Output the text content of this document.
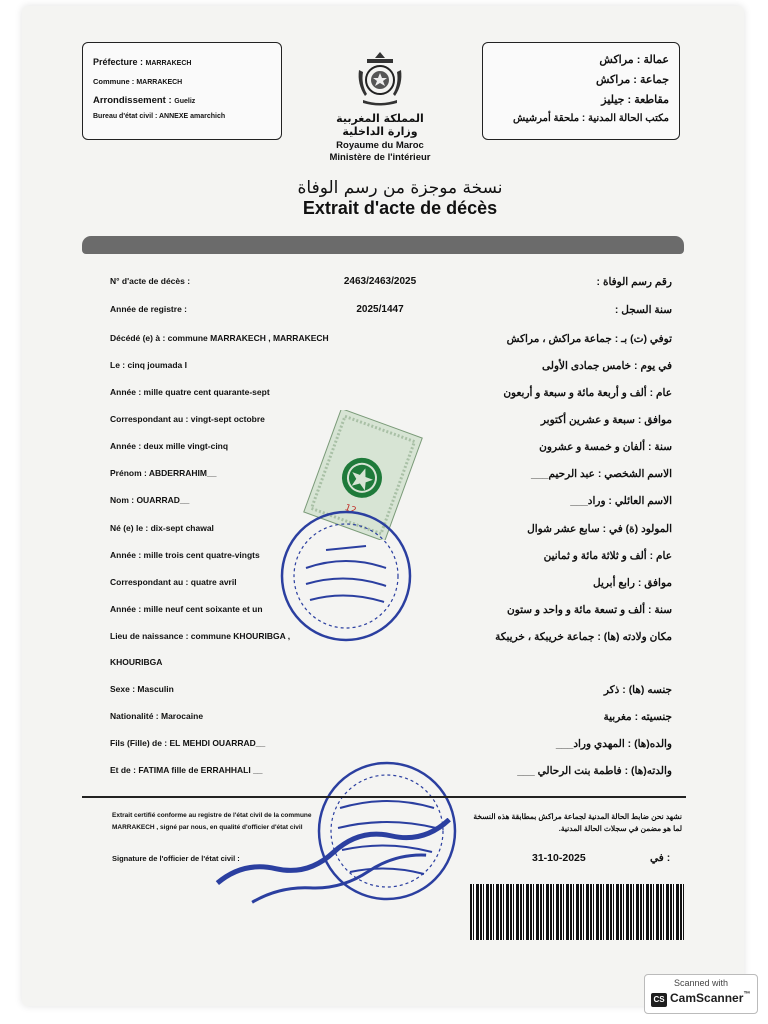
Préfecture : MARRAKECH
Commune : MARRAKECH
Arrondissement : Gueliz
Bureau d'état civil : ANNEXE amarchich
عمالة : مراكش
جماعة : مراكش
مقاطعة : جيليز
مكتب الحالة المدنية : ملحقة أمرشيش
المملكة المغربية
وزارة الداخلية
Royaume du Maroc
Ministère de l'intérieur
نسخة موجزة من رسم الوفاة
Extrait d'acte de décès
N° d'acte de décès :	2463/2463/2025	رقم رسم الوفاة :
Année de registre :	2025/1447	سنة السجل :
Décédé (e) à : commune MARRAKECH , MARRAKECH	توفي (ت) بـ : جماعة مراكش ، مراكش
Le : cinq joumada I	في يوم : خامس جمادى الأولى
Année : mille quatre cent quarante-sept	عام : ألف و أربعة مائة و سبعة و أربعون
Correspondant au : vingt-sept octobre	موافق : سبعة و عشرين أكتوبر
Année : deux mille vingt-cinq	سنة : ألفان و خمسة و عشرون
Prénom : ABDERRAHIM__	الاسم الشخصي : عبد الرحيم___
Nom : OUARRAD__	الاسم العائلي : وراد___
Né (e) le : dix-sept chawal	المولود (ة) في : سابع عشر شوال
Année : mille trois cent quatre-vingts	عام : ألف و ثلاثة مائة و ثمانين
Correspondant au : quatre avril	موافق : رابع أبريل
Année : mille neuf cent soixante et un	سنة : ألف و تسعة مائة و واحد و ستون
Lieu de naissance : commune KHOURIBGA ,	مكان ولادته (ها) : جماعة خريبكة ، خريبكة
KHOURIBGA
Sexe : Masculin	جنسه (ها) : ذكر
Nationalité : Marocaine	جنسيته : مغربية
Fils (Fille) de : EL MEHDI OUARRAD__	والده(ها) : المهدي وراد___
Et de : FATIMA fille de ERRAHHALI __	والدته(ها) : فاطمة بنت الرحالي ___
12
Extrait certifié conforme au registre de l'état civil de la commune
MARRAKECH , signé par nous, en qualité d'officier d'état civil
نشهد نحن ضابط الحالة المدنية لجماعة مراكش بمطابقة هذه النسخة
لما هو مضمن في سجلات الحالة المدنية.
Signature de l'officier de l'état civil :	31-10-2025	في :
Scanned with
CS CamScanner™
